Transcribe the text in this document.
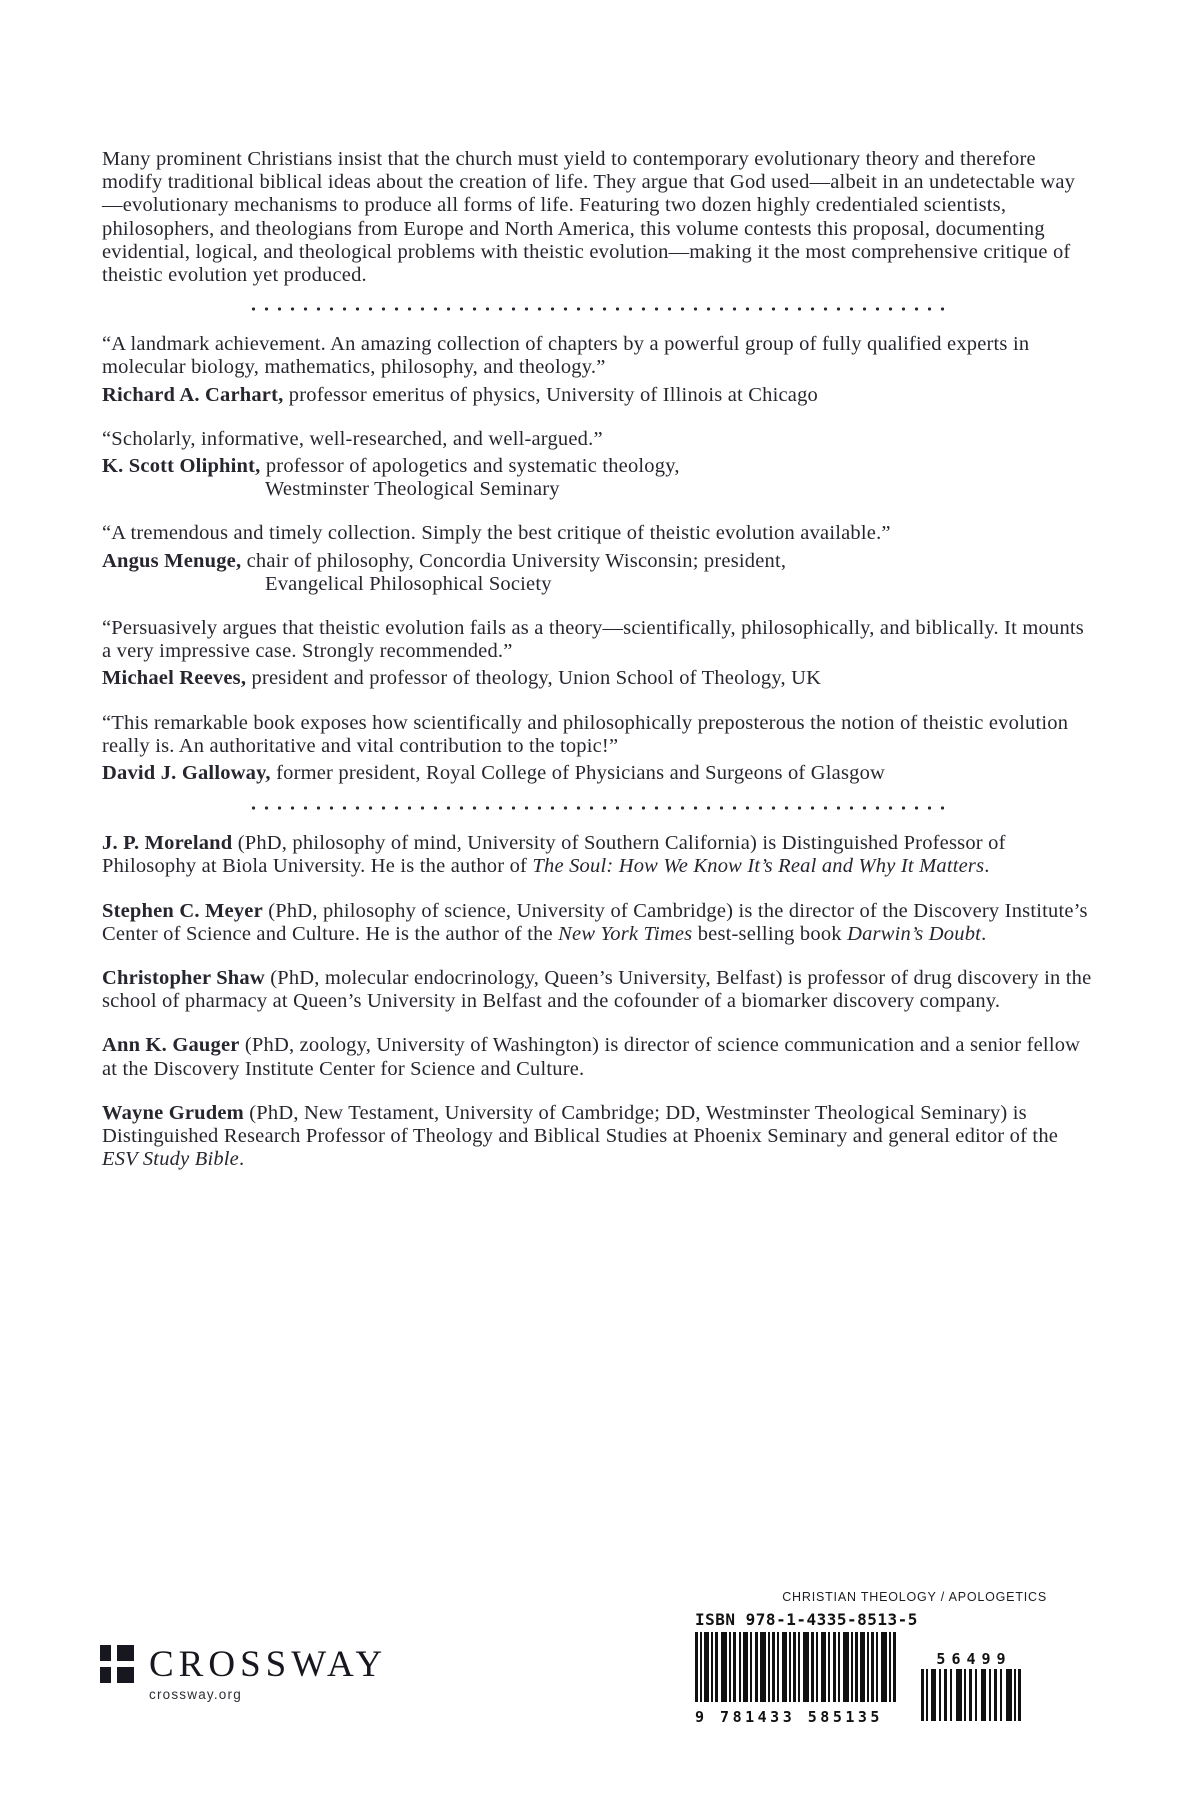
Many prominent Christians insist that the church must yield to contemporary evolutionary theory and therefore modify traditional biblical ideas about the creation of life. They argue that God used—albeit in an undetectable way—evolutionary mechanisms to produce all forms of life. Featuring two dozen highly credentialed scientists, philosophers, and theologians from Europe and North America, this volume contests this proposal, documenting evidential, logical, and theological problems with theistic evolution—making it the most comprehensive critique of theistic evolution yet produced.

“A landmark achievement. An amazing collection of chapters by a powerful group of fully qualified experts in molecular biology, mathematics, philosophy, and theology.”

Richard A. Carhart, professor emeritus of physics, University of Illinois at Chicago

“Scholarly, informative, well-researched, and well-argued.”

K. Scott Oliphint, professor of apologetics and systematic theology,

Westminster Theological Seminary

“A tremendous and timely collection. Simply the best critique of theistic evolution available.”

Angus Menuge, chair of philosophy, Concordia University Wisconsin; president,

Evangelical Philosophical Society

“Persuasively argues that theistic evolution fails as a theory—scientifically, philosophically, and biblically. It mounts a very impressive case. Strongly recommended.”

Michael Reeves, president and professor of theology, Union School of Theology, UK

“This remarkable book exposes how scientifically and philosophically preposterous the notion of theistic evolution really is. An authoritative and vital contribution to the topic!”

David J. Galloway, former president, Royal College of Physicians and Surgeons of Glasgow

J. P. Moreland (PhD, philosophy of mind, University of Southern California) is Distinguished Professor of Philosophy at Biola University. He is the author of The Soul: How We Know It’s Real and Why It Matters.

Stephen C. Meyer (PhD, philosophy of science, University of Cambridge) is the director of the Discovery Institute’s Center of Science and Culture. He is the author of the New York Times best-selling book Darwin’s Doubt.

Christopher Shaw (PhD, molecular endocrinology, Queen’s University, Belfast) is professor of drug discovery in the school of pharmacy at Queen’s University in Belfast and the cofounder of a biomarker discovery company.

Ann K. Gauger (PhD, zoology, University of Washington) is director of science communication and a senior fellow at the Discovery Institute Center for Science and Culture.

Wayne Grudem (PhD, New Testament, University of Cambridge; DD, Westminster Theological Seminary) is Distinguished Research Professor of Theology and Biblical Studies at Phoenix Seminary and general editor of the ESV Study Bible.

CROSSWAY
crossway.org

CHRISTIAN THEOLOGY / APOLOGETICS

ISBN 978-1-4335-8513-5

9 781433 585135
56499
